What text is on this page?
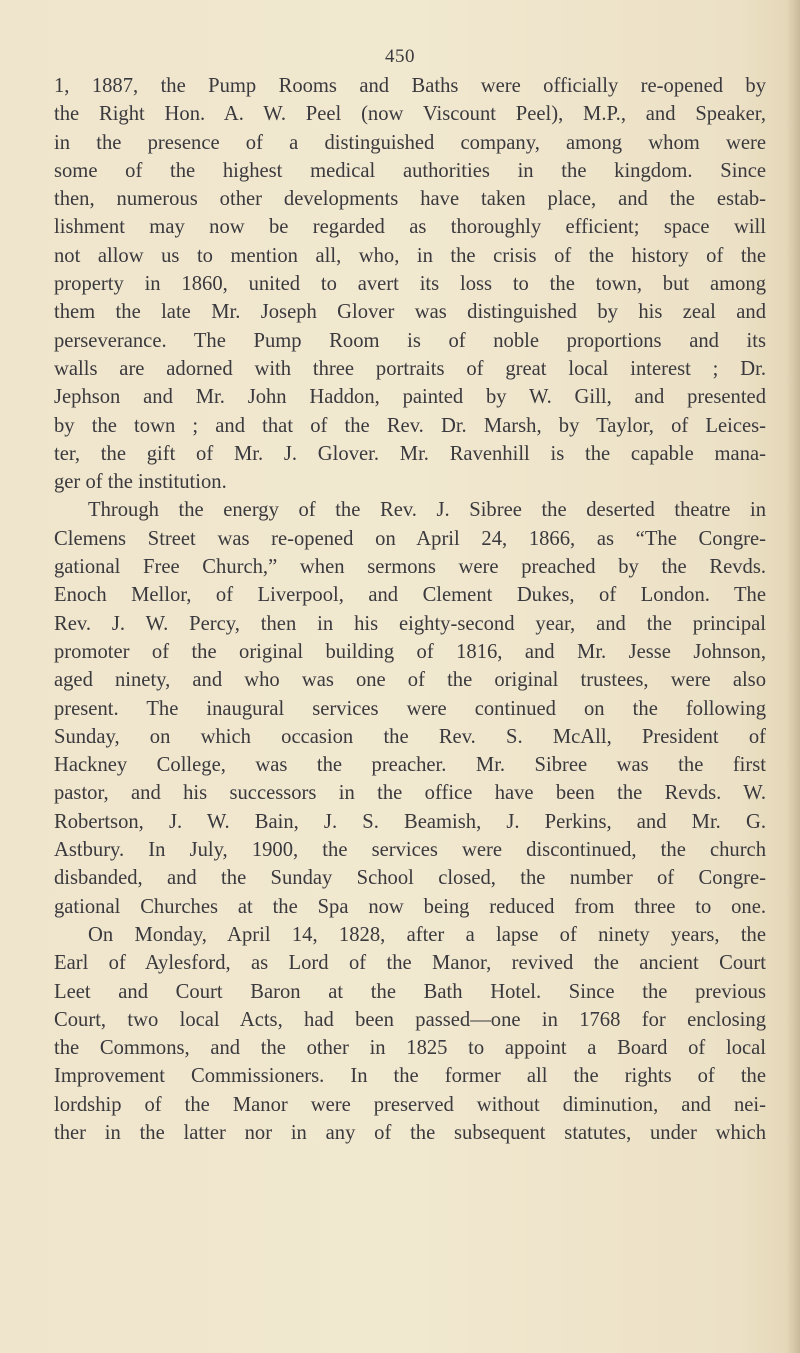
450

1, 1887, the Pump Rooms and Baths were officially re-opened by
the Right Hon. A. W. Peel (now Viscount Peel), M.P., and Speaker,
in the presence of a distinguished company, among whom were
some of the highest medical authorities in the kingdom. Since
then, numerous other developments have taken place, and the estab-
lishment may now be regarded as thoroughly efficient; space will
not allow us to mention all, who, in the crisis of the history of the
property in 1860, united to avert its loss to the town, but among
them the late Mr. Joseph Glover was distinguished by his zeal and
perseverance. The Pump Room is of noble proportions and its
walls are adorned with three portraits of great local interest ; Dr.
Jephson and Mr. John Haddon, painted by W. Gill, and presented
by the town ; and that of the Rev. Dr. Marsh, by Taylor, of Leices-
ter, the gift of Mr. J. Glover. Mr. Ravenhill is the capable mana-
ger of the institution.

Through the energy of the Rev. J. Sibree the deserted theatre in
Clemens Street was re-opened on April 24, 1866, as “The Congre-
gational Free Church,” when sermons were preached by the Revds.
Enoch Mellor, of Liverpool, and Clement Dukes, of London. The
Rev. J. W. Percy, then in his eighty-second year, and the principal
promoter of the original building of 1816, and Mr. Jesse Johnson,
aged ninety, and who was one of the original trustees, were also
present. The inaugural services were continued on the following
Sunday, on which occasion the Rev. S. McAll, President of
Hackney College, was the preacher. Mr. Sibree was the first
pastor, and his successors in the office have been the Revds. W.
Robertson, J. W. Bain, J. S. Beamish, J. Perkins, and Mr. G.
Astbury. In July, 1900, the services were discontinued, the church
disbanded, and the Sunday School closed, the number of Congre-
gational Churches at the Spa now being reduced from three to one.

On Monday, April 14, 1828, after a lapse of ninety years, the
Earl of Aylesford, as Lord of the Manor, revived the ancient Court
Leet and Court Baron at the Bath Hotel. Since the previous
Court, two local Acts, had been passed—one in 1768 for enclosing
the Commons, and the other in 1825 to appoint a Board of local
Improvement Commissioners. In the former all the rights of the
lordship of the Manor were preserved without diminution, and nei-
ther in the latter nor in any of the subsequent statutes, under which
